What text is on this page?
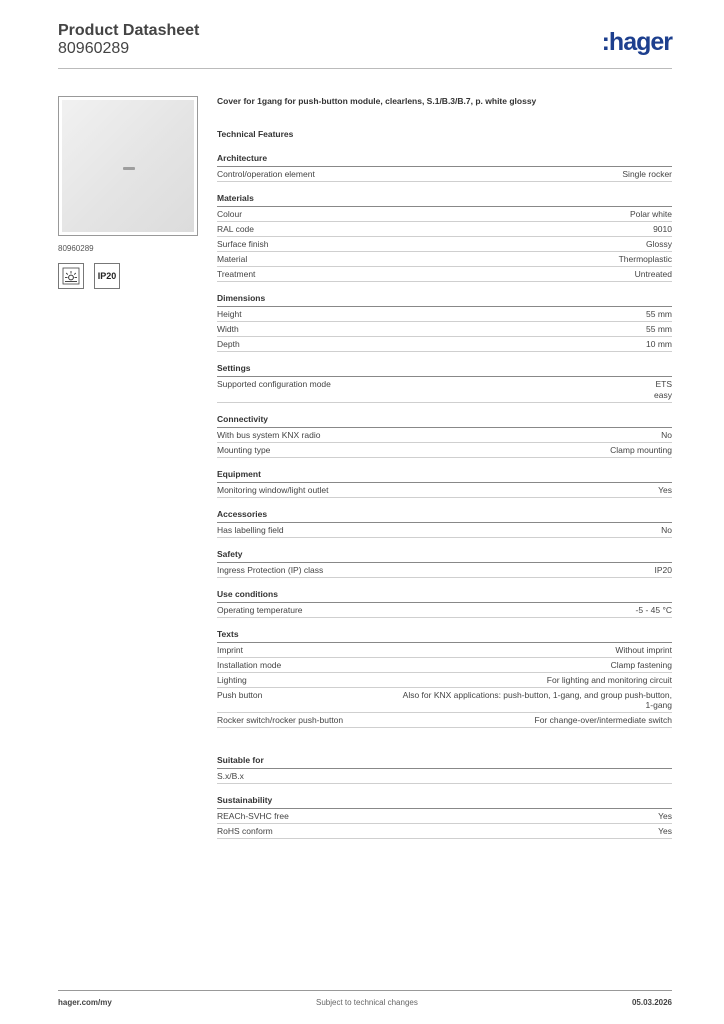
Product Datasheet
80960289	:hager
80960289
IP20
Cover for 1gang for push-button module, clearlens, S.1/B.3/B.7, p. white glossy
Technical Features
Architecture
Control/operation element	Single rocker
Materials
Colour	Polar white
RAL code	9010
Surface finish	Glossy
Material	Thermoplastic
Treatment	Untreated
Dimensions
Height	55 mm
Width	55 mm
Depth	10 mm
Settings
Supported configuration mode	ETS
easy
Connectivity
With bus system KNX radio	No
Mounting type	Clamp mounting
Equipment
Monitoring window/light outlet	Yes
Accessories
Has labelling field	No
Safety
Ingress Protection (IP) class	IP20
Use conditions
Operating temperature	-5 - 45 °C
Texts
Imprint	Without imprint
Installation mode	Clamp fastening
Lighting	For lighting and monitoring circuit
Push button	Also for KNX applications: push-button, 1-gang, and group push-button,
1-gang
Rocker switch/rocker push-button	For change-over/intermediate switch
Suitable for
S.x/B.x
Sustainability
REACh-SVHC free	Yes
RoHS conform	Yes
hager.com/my	Subject to technical changes	05.03.2026
